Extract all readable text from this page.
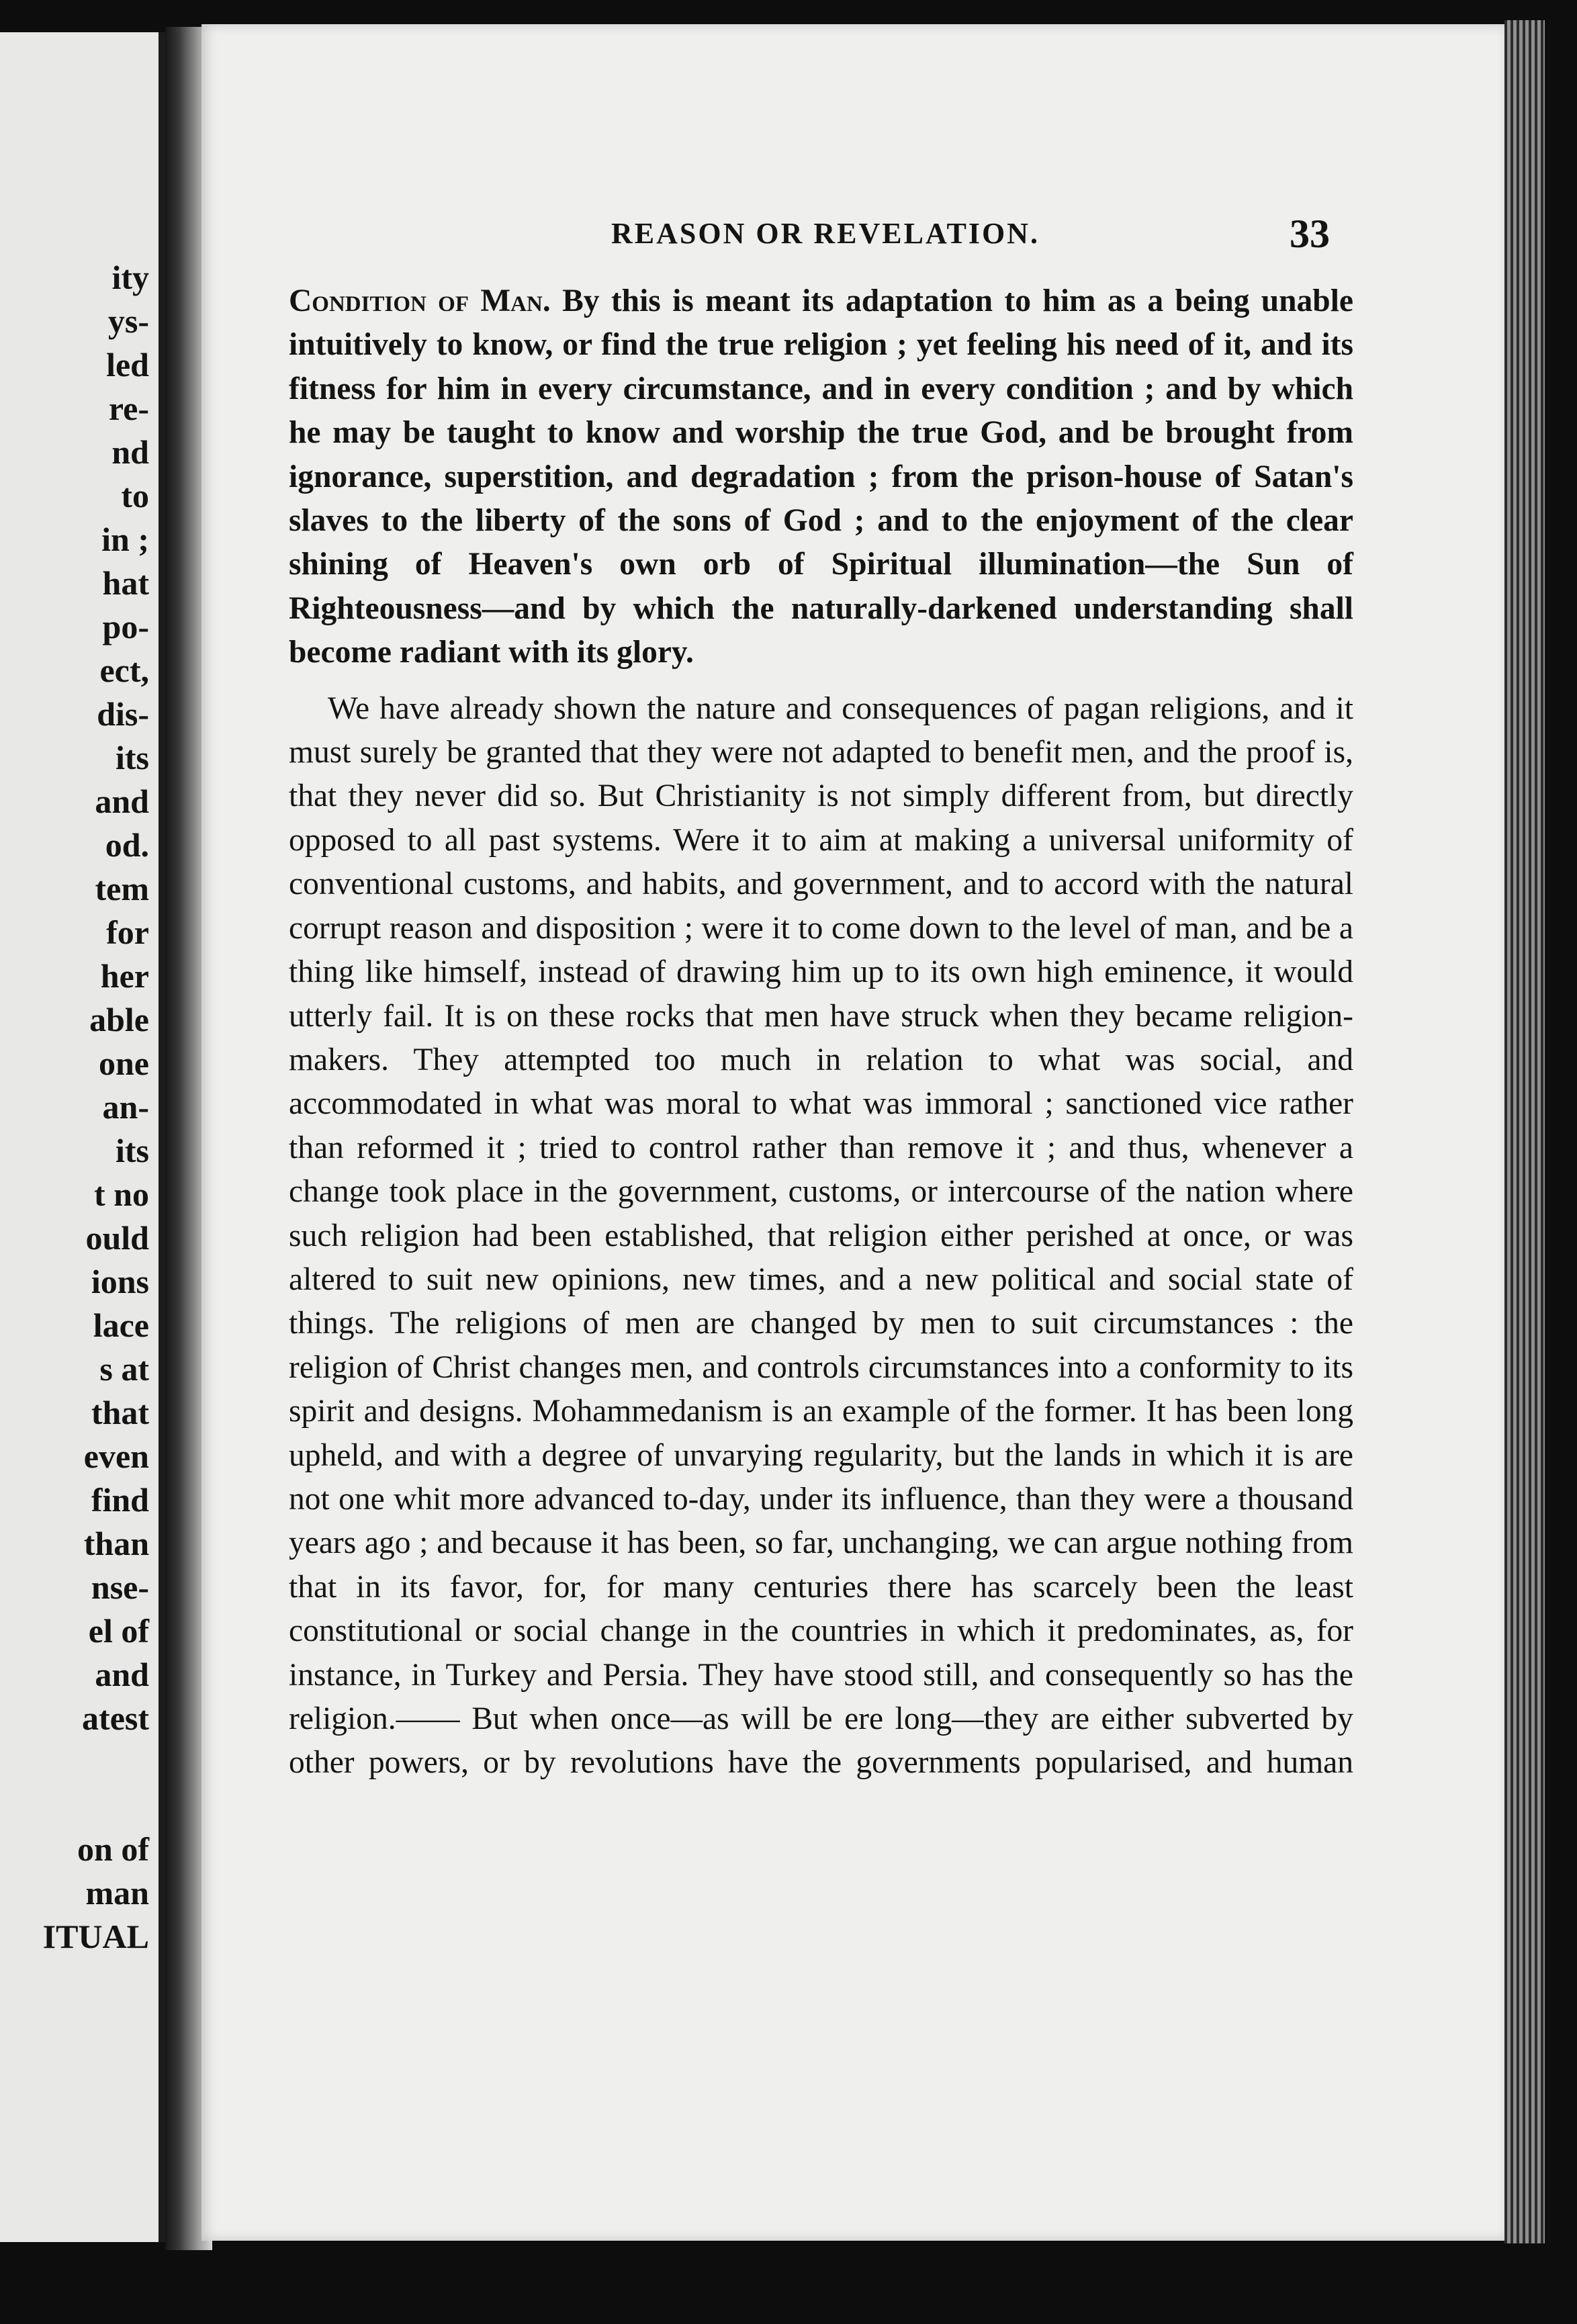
ity
ys-
led
re-
nd
to
in ;
hat
po-
ect,
dis-
its
and
od.
tem
for
her
able
one
an-
its
t no
ould
ions
lace
s at
that
even
find
than
nse-
el of
and
atest
on of
man
ITUAL
REASON OR REVELATION.	33

Condition of Man. By this is meant its adaptation to him as a being unable intuitively to know, or find the true religion ; yet feeling his need of it, and its fitness for him in every circumstance, and in every condition ; and by which he may be taught to know and worship the true God, and be brought from ignorance, superstition, and degradation ; from the prison-house of Satan's slaves to the liberty of the sons of God ; and to the enjoyment of the clear shining of Heaven's own orb of Spiritual illumination—the Sun of Righteousness—and by which the naturally-darkened understanding shall become radiant with its glory.

We have already shown the nature and consequences of pagan religions, and it must surely be granted that they were not adapted to benefit men, and the proof is, that they never did so. But Christianity is not simply different from, but directly opposed to all past systems. Were it to aim at making a universal uniformity of conventional customs, and habits, and government, and to accord with the natural corrupt reason and disposition ; were it to come down to the level of man, and be a thing like himself, instead of drawing him up to its own high eminence, it would utterly fail. It is on these rocks that men have struck when they became religion-makers. They attempted too much in relation to what was social, and accommodated in what was moral to what was immoral ; sanctioned vice rather than reformed it ; tried to control rather than remove it ; and thus, whenever a change took place in the government, customs, or intercourse of the nation where such religion had been established, that religion either perished at once, or was altered to suit new opinions, new times, and a new political and social state of things. The religions of men are changed by men to suit circumstances : the religion of Christ changes men, and controls circumstances into a conformity to its spirit and designs. Mohammedanism is an example of the former. It has been long upheld, and with a degree of unvarying regularity, but the lands in which it is are not one whit more advanced to-day, under its influence, than they were a thousand years ago ; and because it has been, so far, unchanging, we can argue nothing from that in its favor, for, for many centuries there has scarcely been the least constitutional or social change in the countries in which it predominates, as, for instance, in Turkey and Persia. They have stood still, and consequently so has the religion.—— But when once—as will be ere long—they are either subverted by other powers, or by revolutions have the governments popularised, and human
